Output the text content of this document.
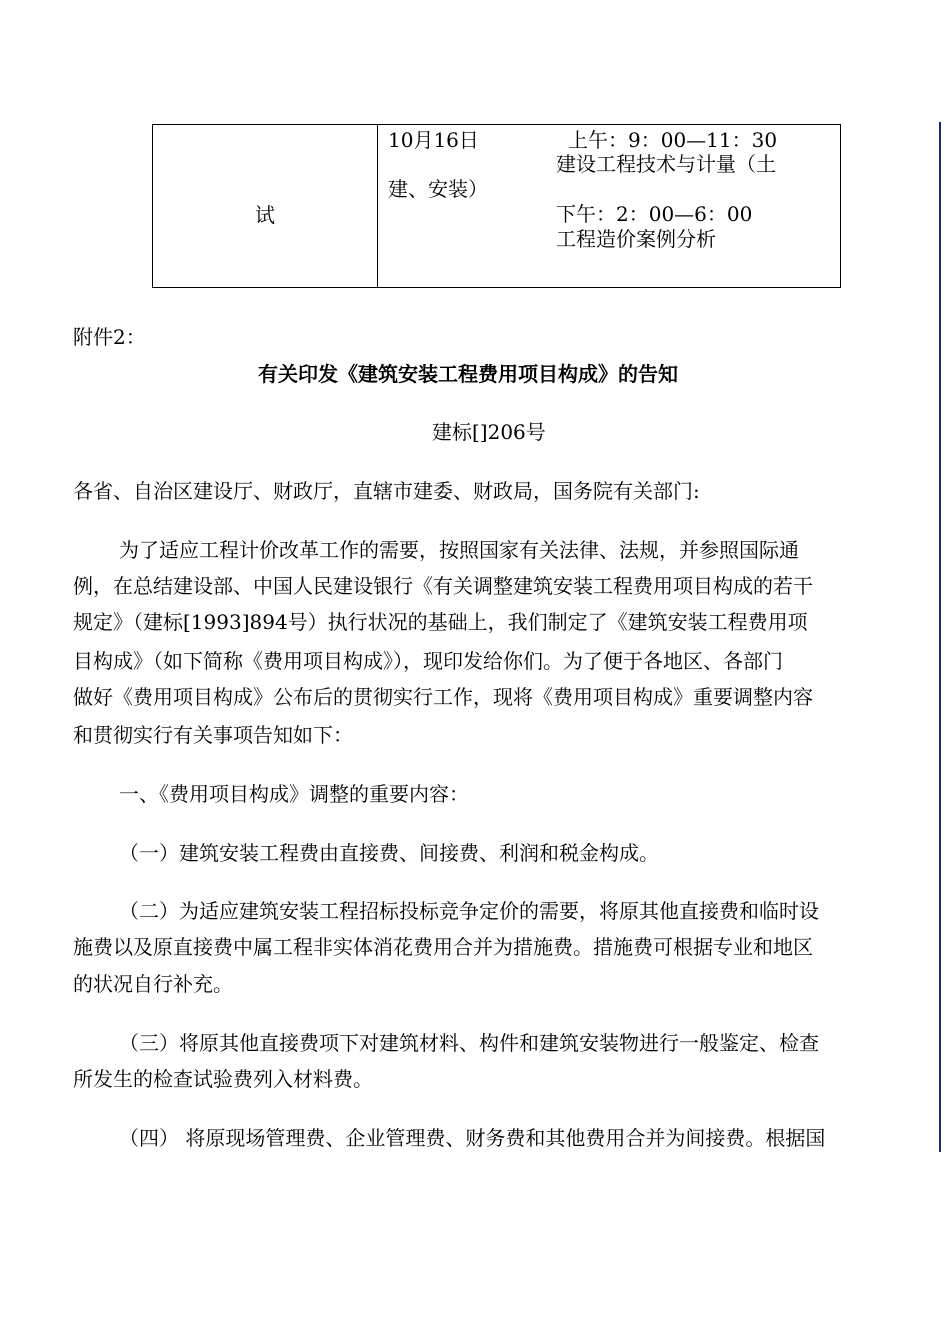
试

10月16日	上午：9：00—11：30
建设工程技术与计量（土
建、安装）
下午：2：00—6：00
工程造价案例分析
附件2：
有关印发《建筑安装工程费用项目构成》的告知
建标[]206号
各省、自治区建设厅、财政厅，直辖市建委、财政局，国务院有关部门:
为了适应工程计价改革工作的需要，按照国家有关法律、法规，并参照国际通
例，在总结建设部、中国人民建设银行《有关调整建筑安装工程费用项目构成的若干
规定》（建标[1993]894号）执行状况的基础上，我们制定了《建筑安装工程费用项
目构成》（如下简称《费用项目构成》），现印发给你们。为了便于各地区、各部门
做好《费用项目构成》公布后的贯彻实行工作，现将《费用项目构成》重要调整内容
和贯彻实行有关事项告知如下：
一、《费用项目构成》调整的重要内容：
（一）建筑安装工程费由直接费、间接费、利润和税金构成。
（二）为适应建筑安装工程招标投标竞争定价的需要，将原其他直接费和临时设
施费以及原直接费中属工程非实体消花费用合并为措施费。措施费可根据专业和地区
的状况自行补充。
（三）将原其他直接费项下对建筑材料、构件和建筑安装物进行一般鉴定、检查
所发生的检查试验费列入材料费。
（四） 将原现场管理费、企业管理费、财务费和其他费用合并为间接费。根据国
